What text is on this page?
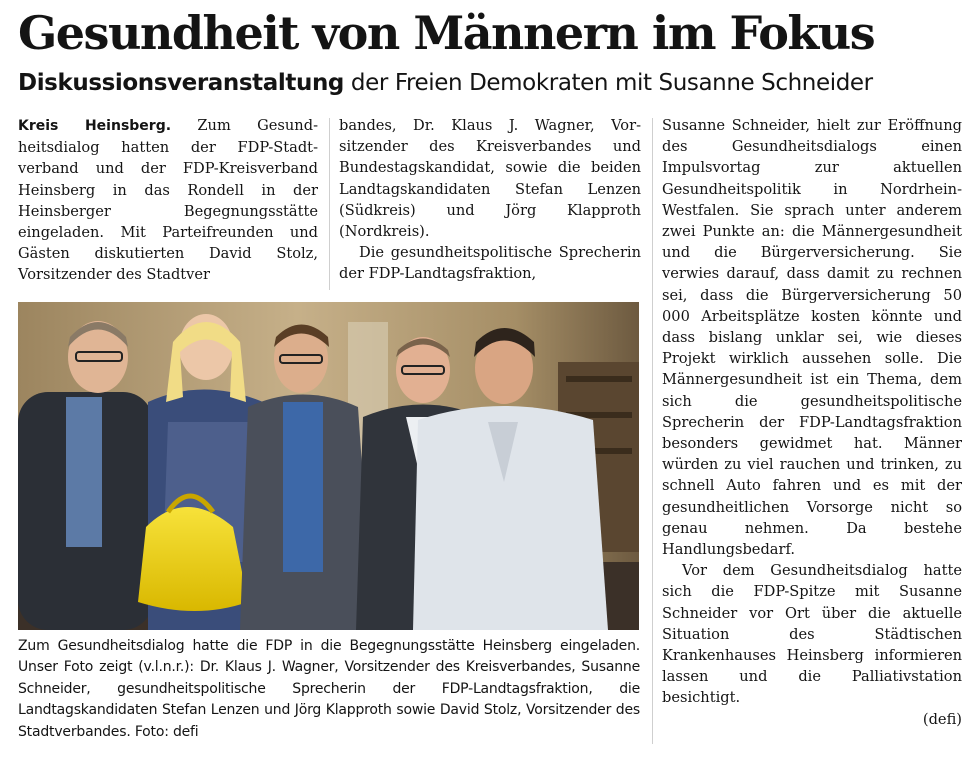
Gesundheit von Männern im Fokus
Diskussionsveranstaltung der Freien Demokraten mit Susanne Schneider

Kreis Heinsberg. Zum Gesundheitsdialog hatten der FDP-Stadtverband und der FDP-Kreisverband Heinsberg in das Rondell in der Heinsberger Begegnungsstätte eingeladen. Mit Parteifreunden und Gästen diskutierten David Stolz, Vorsitzender des Stadtver

bandes, Dr. Klaus J. Wagner, Vorsitzender des Kreisverbandes und Bundestagskandidat, sowie die beiden Landtagskandidaten Stefan Lenzen (Südkreis) und Jörg Klapproth (Nordkreis).

Die gesundheitspolitische Sprecherin der FDP-Landtagsfraktion,

Susanne Schneider, hielt zur Eröffnung des Gesundheitsdialogs einen Impulsvortag zur aktuellen Gesundheitspolitik in Nordrhein-Westfalen. Sie sprach unter anderem zwei Punkte an: die Männergesundheit und die Bürgerversicherung. Sie verwies darauf, dass damit zu rechnen sei, dass die Bürgerversicherung 50 000 Arbeitsplätze kosten könnte und dass bislang unklar sei, wie dieses Projekt wirklich aussehen solle. Die Männergesundheit ist ein Thema, dem sich die gesundheitspolitische Sprecherin der FDP-Landtagsfraktion besonders gewidmet hat. Männer würden zu viel rauchen und trinken, zu schnell Auto fahren und es mit der gesundheitlichen Vorsorge nicht so genau nehmen. Da bestehe Handlungsbedarf.

Vor dem Gesundheitsdialog hatte sich die FDP-Spitze mit Susanne Schneider vor Ort über die aktuelle Situation des Städtischen Krankenhauses Heinsberg informieren lassen und die Palliativstation besichtigt.

(defi)
Zum Gesundheitsdialog hatte die FDP in die Begegnungsstätte Heinsberg eingeladen. Unser Foto zeigt (v.l.n.r.): Dr. Klaus J. Wagner, Vorsitzender des Kreisverbandes, Susanne Schneider, gesundheitspolitische Sprecherin der FDP-Landtagsfraktion, die Landtagskandidaten Stefan Lenzen und Jörg Klapproth sowie David Stolz, Vorsitzender des Stadtverbandes. Foto: defi
